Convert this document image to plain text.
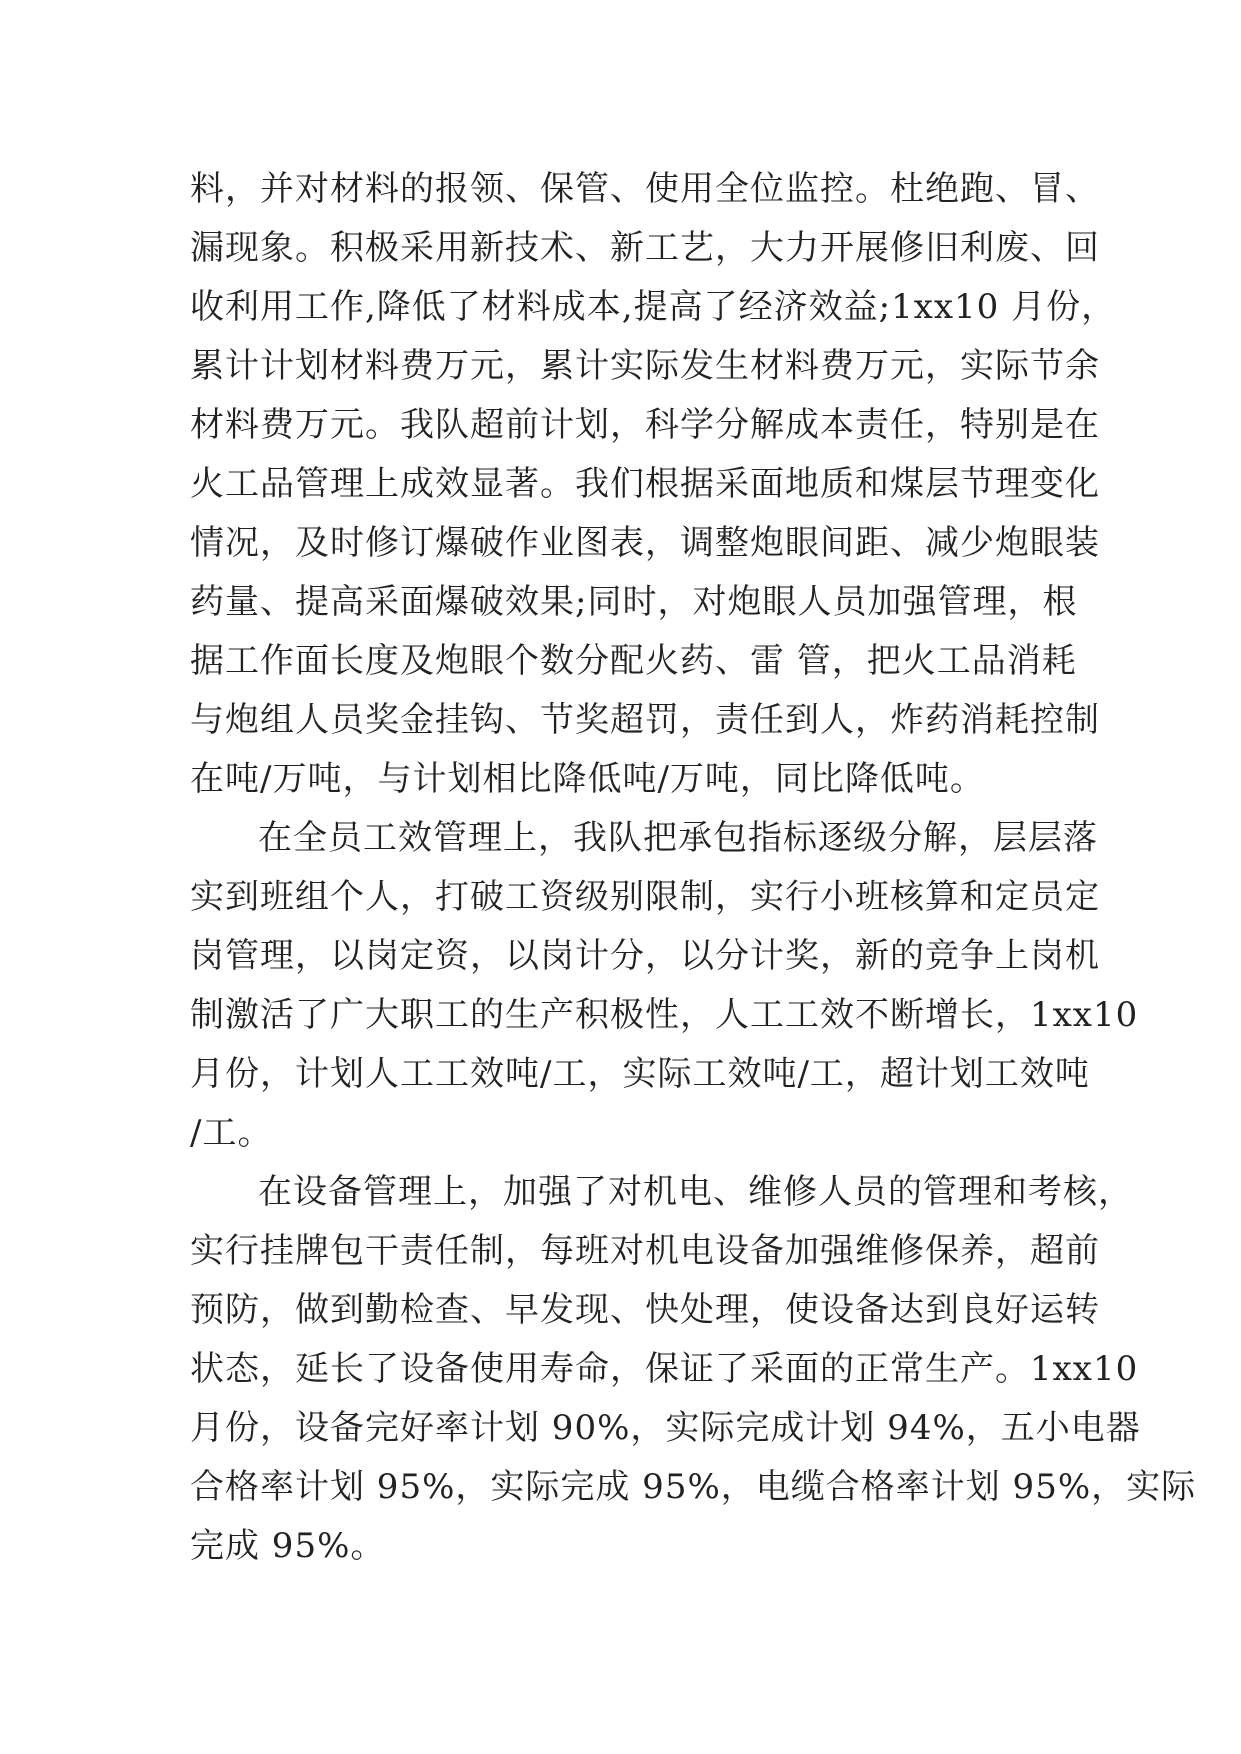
料，并对材料的报领、保管、使用全位监控。杜绝跑、冒、
漏现象。积极采用新技术、新工艺，大力开展修旧利废、回
收利用工作,降低了材料成本,提高了经济效益;1xx10 月份，
累计计划材料费万元，累计实际发生材料费万元，实际节余
材料费万元。我队超前计划，科学分解成本责任，特别是在
火工品管理上成效显著。我们根据采面地质和煤层节理变化
情况，及时修订爆破作业图表，调整炮眼间距、减少炮眼装
药量、提高采面爆破效果;同时，对炮眼人员加强管理，根
据工作面长度及炮眼个数分配火药、雷 管，把火工品消耗
与炮组人员奖金挂钩、节奖超罚，责任到人，炸药消耗控制
在吨/万吨，与计划相比降低吨/万吨，同比降低吨。
在全员工效管理上，我队把承包指标逐级分解，层层落
实到班组个人，打破工资级别限制，实行小班核算和定员定
岗管理，以岗定资，以岗计分，以分计奖，新的竞争上岗机
制激活了广大职工的生产积极性，人工工效不断增长，1xx10
月份，计划人工工效吨/工，实际工效吨/工，超计划工效吨
/工。
在设备管理上，加强了对机电、维修人员的管理和考核，
实行挂牌包干责任制，每班对机电设备加强维修保养，超前
预防，做到勤检查、早发现、快处理，使设备达到良好运转
状态，延长了设备使用寿命，保证了采面的正常生产。1xx10
月份，设备完好率计划 90%，实际完成计划 94%，五小电器
合格率计划 95%，实际完成 95%，电缆合格率计划 95%，实际
完成 95%。
